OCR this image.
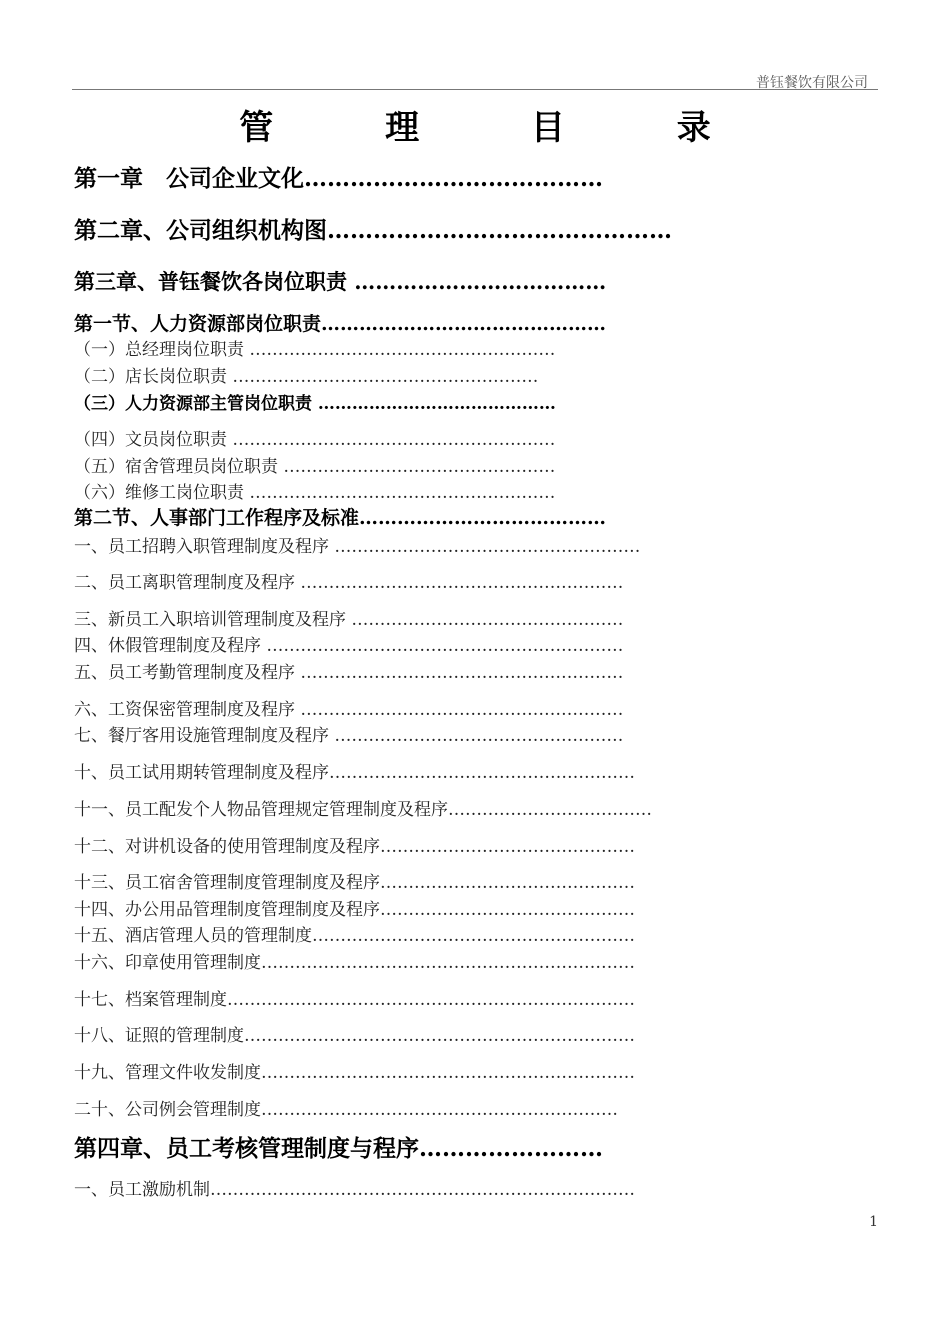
普钰餐饮有限公司
管 理 目 录
第一章　公司企业文化…………………………………
第二章、公司组织机构图………………………………………
第三章、普钰餐饮各岗位职责 ………………………………
第一节、人力资源部岗位职责………………………………………
（一）总经理岗位职责 ………………………………………………
（二）店长岗位职责 ………………………………………………
（三）人力资源部主管岗位职责 ……………………………………
（四）文员岗位职责 …………………………………………………
（五）宿舍管理员岗位职责 …………………………………………
（六）维修工岗位职责 ………………………………………………
第二节、人事部门工作程序及标准…………………………………
一、员工招聘入职管理制度及程序 ………………………………………………
二、员工离职管理制度及程序 …………………………………………………
三、新员工入职培训管理制度及程序 …………………………………………
四、休假管理制度及程序 ………………………………………………………
五、员工考勤管理制度及程序 …………………………………………………
六、工资保密管理制度及程序 …………………………………………………
七、餐厅客用设施管理制度及程序 ……………………………………………
十、员工试用期转管理制度及程序………………………………………………
十一、员工配发个人物品管理规定管理制度及程序………………………………
十二、对讲机设备的使用管理制度及程序………………………………………
十三、员工宿舍管理制度管理制度及程序………………………………………
十四、办公用品管理制度管理制度及程序………………………………………
十五、酒店管理人员的管理制度…………………………………………………
十六、印章使用管理制度…………………………………………………………
十七、档案管理制度………………………………………………………………
十八、证照的管理制度……………………………………………………………
十九、管理文件收发制度…………………………………………………………
二十、公司例会管理制度………………………………………………………
第四章、员工考核管理制度与程序……………………
一、员工激励机制…………………………………………………………………
1
